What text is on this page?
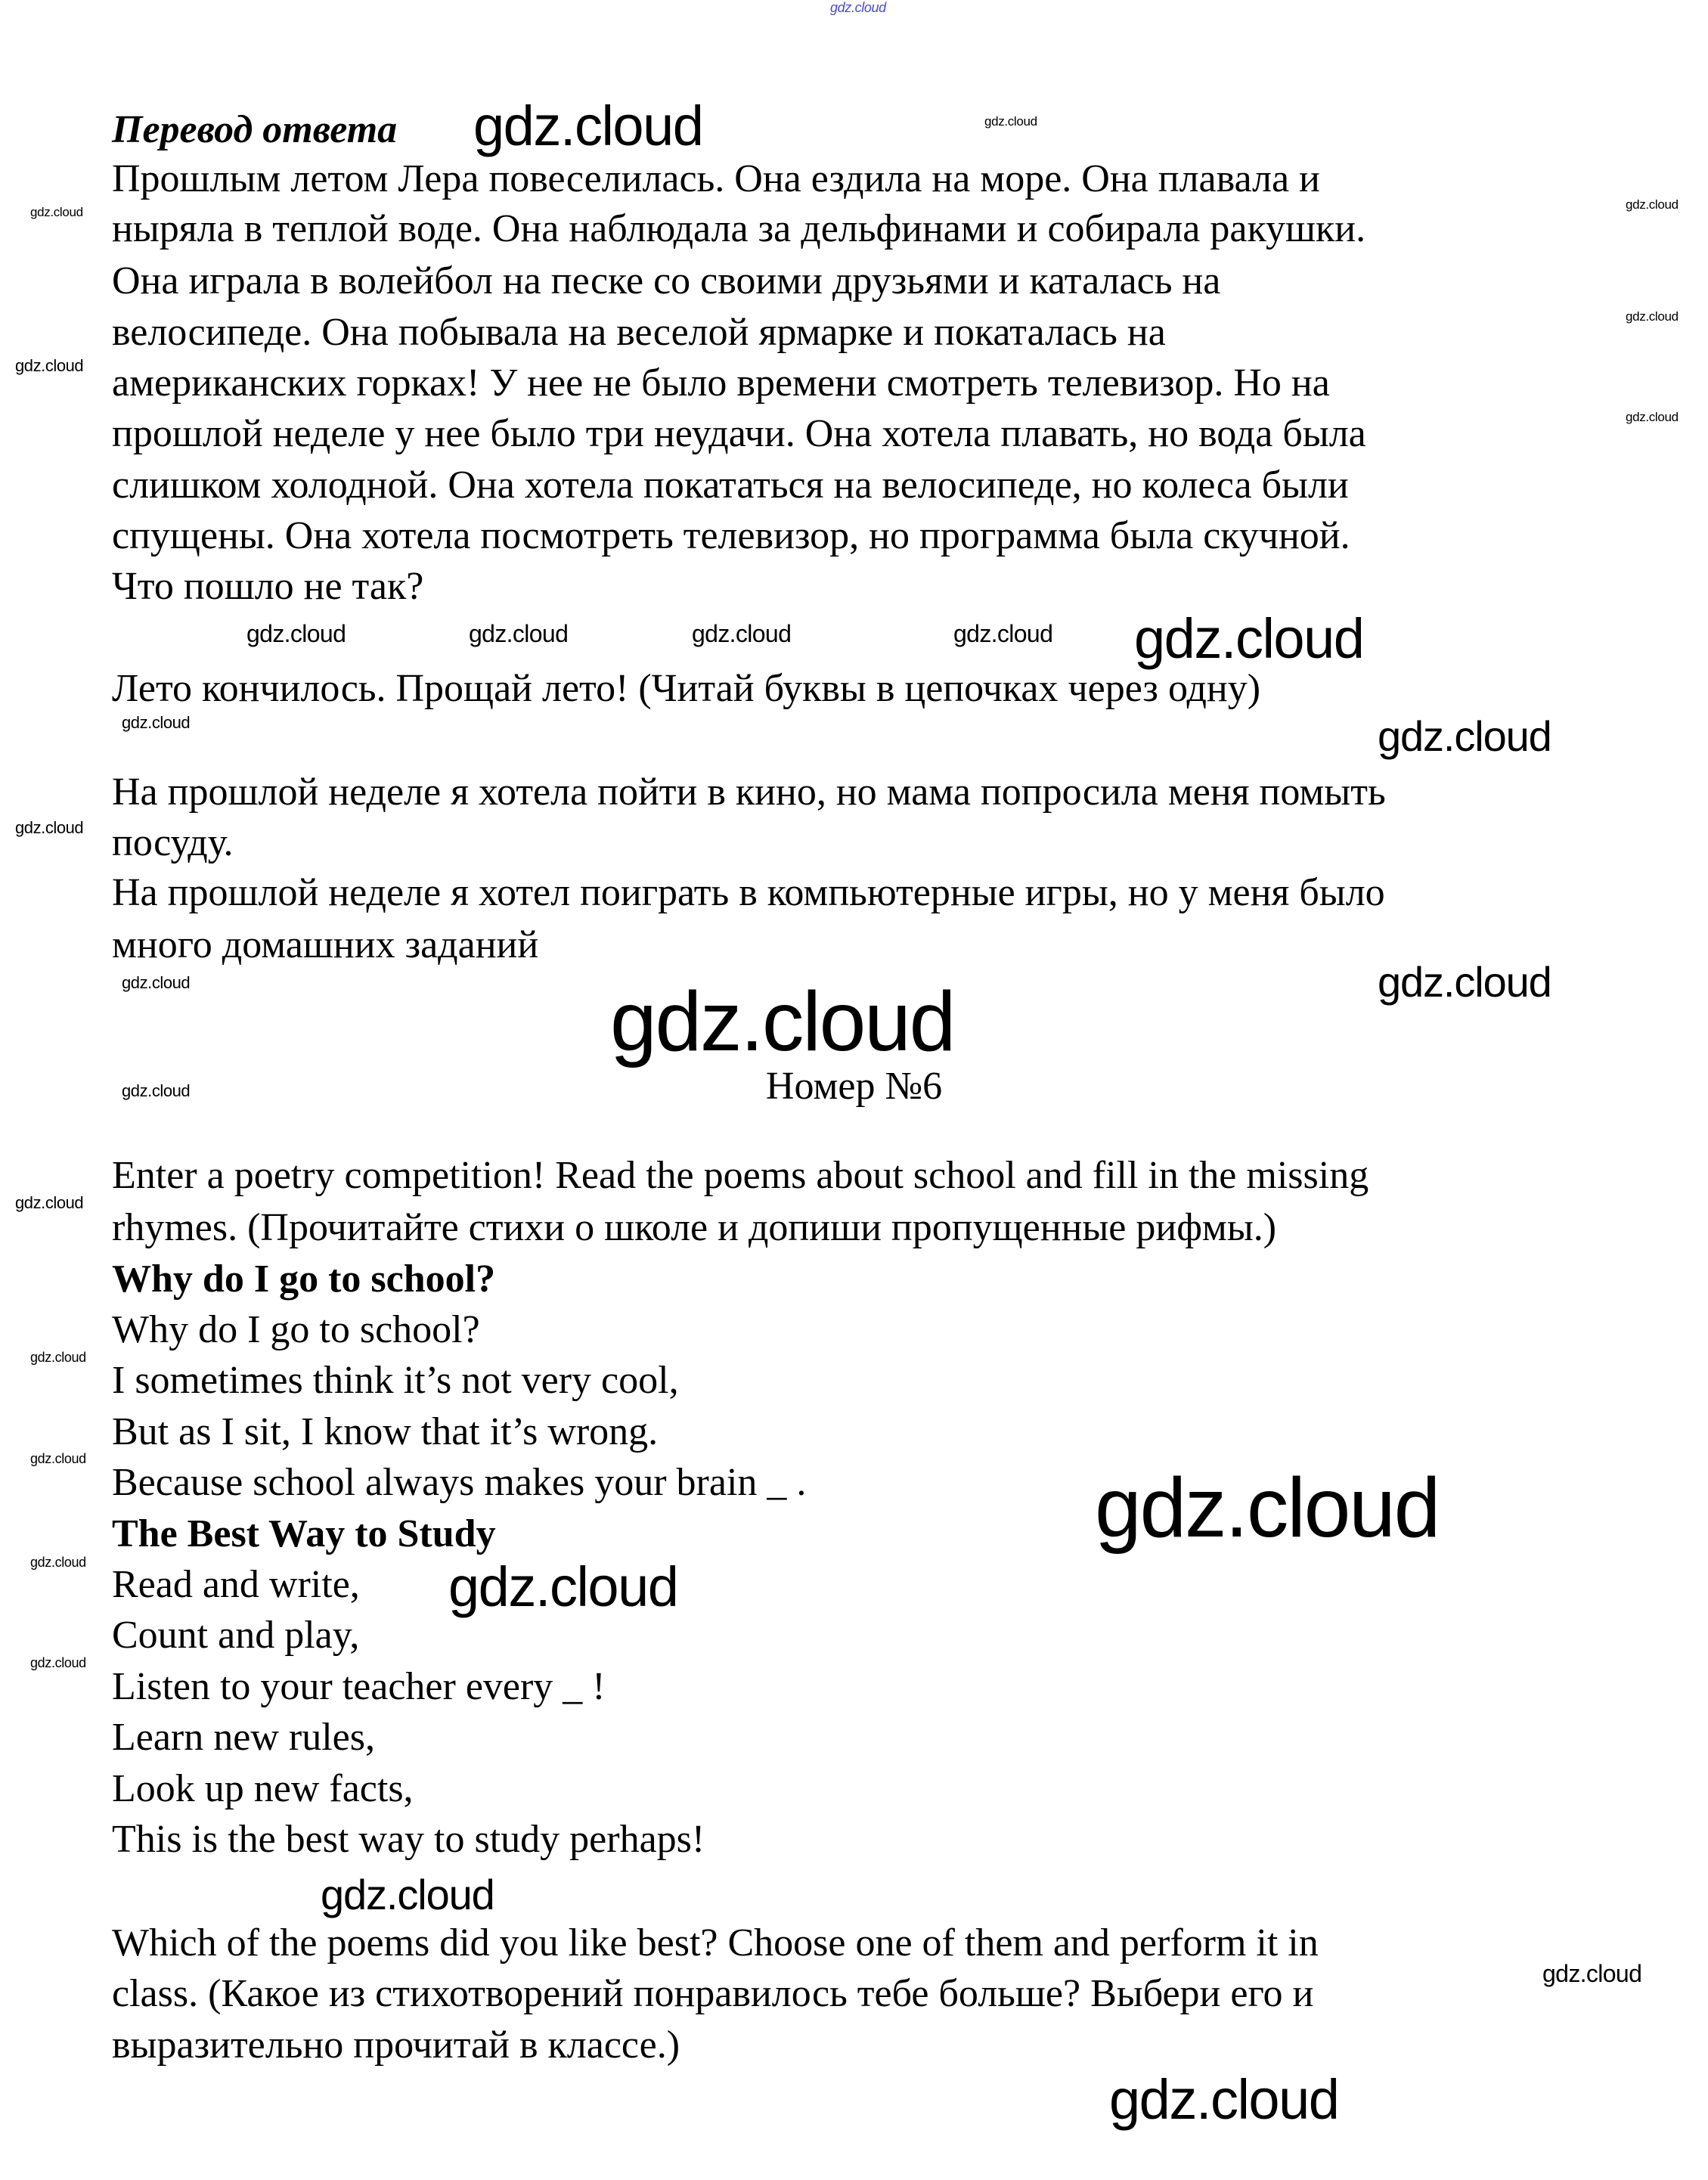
Перевод ответа
Прошлым летом Лера повеселилась. Она ездила на море. Она плавала и
ныряла в теплой воде. Она наблюдала за дельфинами и собирала ракушки.
Она играла в волейбол на песке со своими друзьями и каталась на
велосипеде. Она побывала на веселой ярмарке и покаталась на
американских горках! У нее не было времени смотреть телевизор. Но на
прошлой неделе у нее было три неудачи. Она хотела плавать, но вода была
слишком холодной. Она хотела покататься на велосипеде, но колеса были
спущены. Она хотела посмотреть телевизор, но программа была скучной.
Что пошло не так?
Лето кончилось. Прощай лето! (Читай буквы в цепочках через одну)
На прошлой неделе я хотела пойти в кино, но мама попросила меня помыть
посуду.
На прошлой неделе я хотел поиграть в компьютерные игры, но у меня было
много домашних заданий
Номер №6
Enter a poetry competition! Read the poems about school and fill in the missing
rhymes. (Прочитайте стихи о школе и допиши пропущенные рифмы.)
Why do I go to school?
Why do I go to school?
I sometimes think it’s not very cool,
But as I sit, I know that it’s wrong.
Because school always makes your brain _ .
The Best Way to Study
Read and write,
Count and play,
Listen to your teacher every _ !
Learn new rules,
Look up new facts,
This is the best way to study perhaps!
Which of the poems did you like best? Choose one of them and perform it in
class. (Какое из стихотворений понравилось тебе больше? Выбери его и
выразительно прочитай в классе.)
gdz.cloud
gdz.cloud	gdz.cloud
gdz.cloud
gdz.cloud
gdz.cloud
gdz.cloud
gdz.cloud
gdz.cloud
gdz.cloud	gdz.cloud	gdz.cloud	gdz.cloud
gdz.cloud	gdz.cloud
gdz.cloud
gdz.cloud	gdz.cloud
gdz.cloud
gdz.cloud
gdz.cloud
gdz.cloud
gdz.cloud
gdz.cloud
gdz.cloud	gdz.cloud
gdz.cloud
gdz.cloud
gdz.cloud
gdz.cloud
